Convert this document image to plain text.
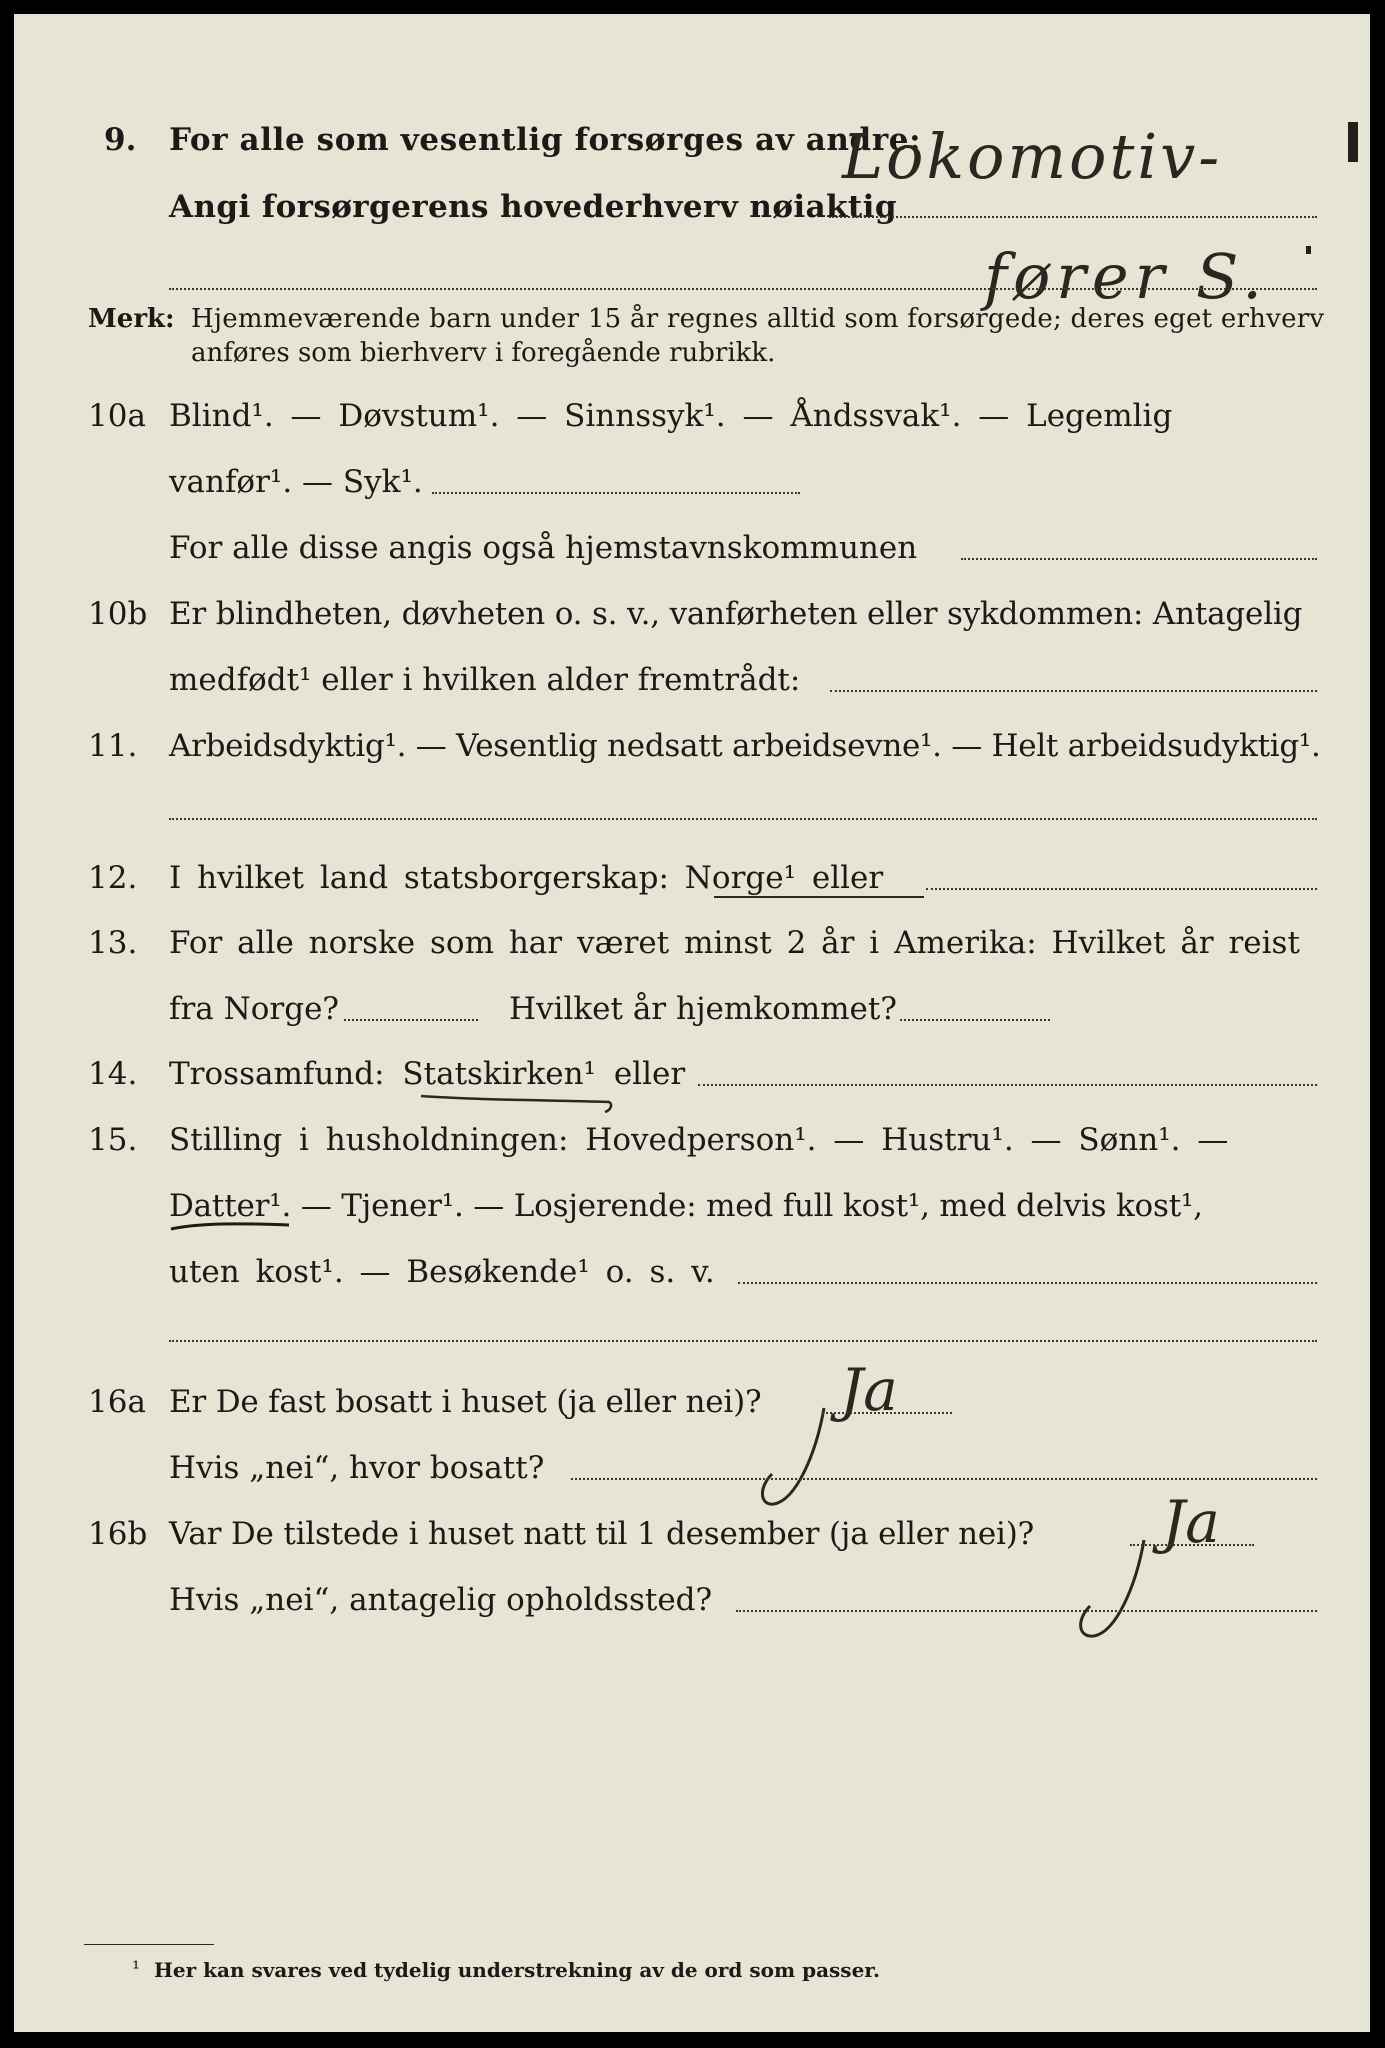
9. For alle som vesentlig forsørges av andre:
Lokomotiv-
Angi forsørgerens hovederhverv nøiaktig
fører S.
Merk: Hjemmeværende barn under 15 år regnes alltid som forsørgede; deres eget erhverv
anføres som bierhverv i foregående rubrikk.
10a Blind¹. — Døvstum¹. — Sinnssyk¹. — Åndssvak¹. — Legemlig
vanfør¹. — Syk¹.
For alle disse angis også hjemstavnskommunen
10b Er blindheten, døvheten o. s. v., vanførheten eller sykdommen: Antagelig
medfødt¹ eller i hvilken alder fremtrådt:
11. Arbeidsdyktig¹. — Vesentlig nedsatt arbeidsevne¹. — Helt arbeidsudyktig¹.
12. I hvilket land statsborgerskap: Norge¹ eller
13. For alle norske som har været minst 2 år i Amerika: Hvilket år reist
fra Norge?	Hvilket år hjemkommet?
14. Trossamfund: Statskirken¹ eller
15. Stilling i husholdningen: Hovedperson¹. — Hustru¹. — Sønn¹. —
Datter¹. — Tjener¹. — Losjerende: med full kost¹, med delvis kost¹,
uten kost¹. — Besøkende¹ o. s. v.
16a Er De fast bosatt i huset (ja eller nei)? Ja
Hvis „nei“, hvor bosatt?
16b Var De tilstede i huset natt til 1 desember (ja eller nei)? Ja
Hvis „nei“, antagelig opholdssted?
¹ Her kan svares ved tydelig understrekning av de ord som passer.
